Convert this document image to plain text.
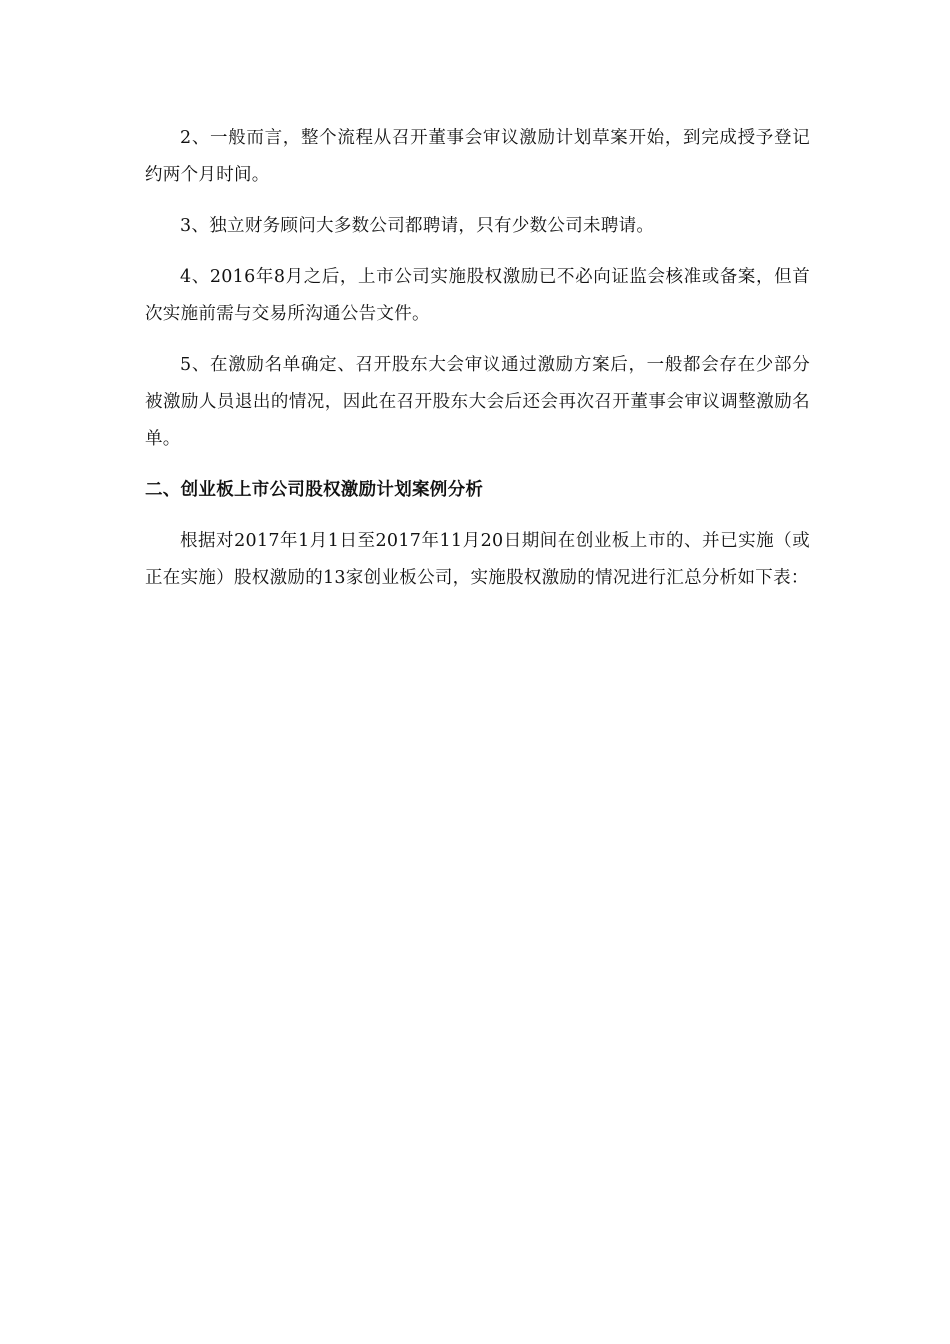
2、一般而言，整个流程从召开董事会审议激励计划草案开始，到完成授予登记约两个月时间。

3、独立财务顾问大多数公司都聘请，只有少数公司未聘请。

4、2016年8月之后，上市公司实施股权激励已不必向证监会核准或备案，但首次实施前需与交易所沟通公告文件。

5、在激励名单确定、召开股东大会审议通过激励方案后，一般都会存在少部分被激励人员退出的情况，因此在召开股东大会后还会再次召开董事会审议调整激励名单。

二、创业板上市公司股权激励计划案例分析

根据对2017年1月1日至2017年11月20日期间在创业板上市的、并已实施（或正在实施）股权激励的13家创业板公司，实施股权激励的情况进行汇总分析如下表：
